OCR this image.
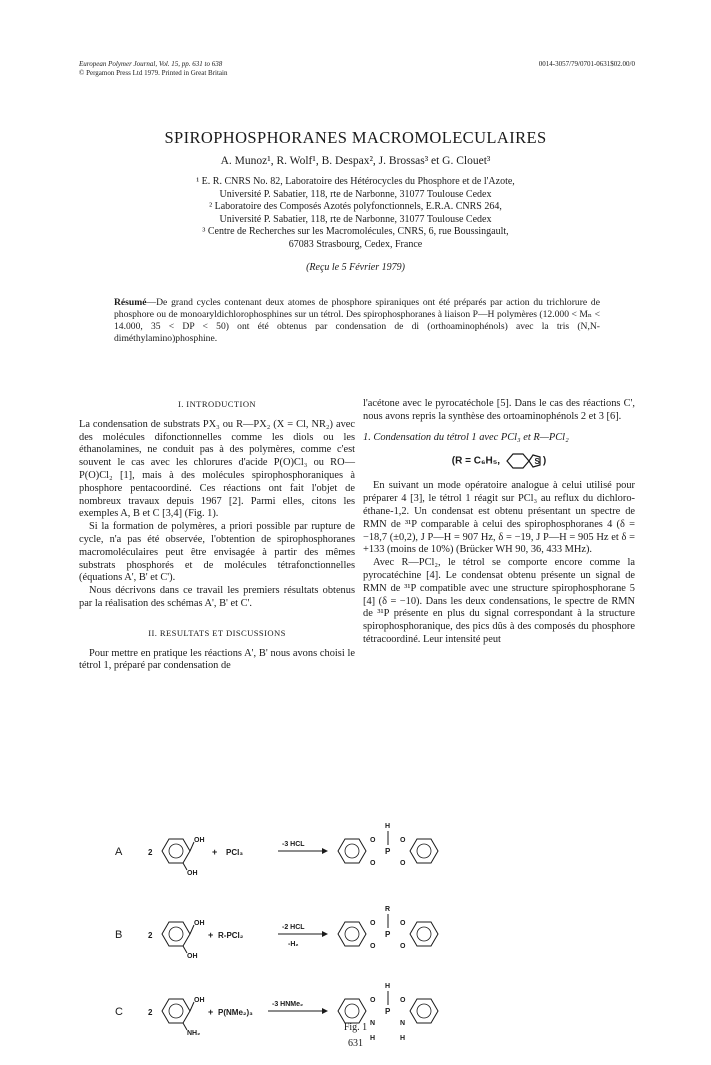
European Polymer Journal, Vol. 15, pp. 631 to 638
© Pergamon Press Ltd 1979. Printed in Great Britain
0014-3057/79/0701-0631$02.00/0
SPIROPHOSPHORANES MACROMOLECULAIRES
A. Munoz¹, R. Wolf¹, B. Despax², J. Brossas³ et G. Clouet³
¹ E. R. CNRS No. 82, Laboratoire des Hétérocycles du Phosphore et de l'Azote,
Université P. Sabatier, 118, rte de Narbonne, 31077 Toulouse Cedex
² Laboratoire des Composés Azotés polyfonctionnels, E.R.A. CNRS 264,
Université P. Sabatier, 118, rte de Narbonne, 31077 Toulouse Cedex
³ Centre de Recherches sur les Macromolécules, CNRS, 6, rue Boussingault,
67083 Strasbourg, Cedex, France
(Reçu le 5 Février 1979)
Résumé—De grand cycles contenant deux atomes de phosphore spiraniques ont été préparés par action du trichlorure de phosphore ou de monoaryldichlorophosphines sur un tétrol. Des spirophosphoranes à liaison P—H polymères (12.000 < Mₙ < 14.000, 35 < DP < 50) ont été obtenus par condensation de di (orthoaminophénols) avec la tris (N,N-diméthylamino)phosphine.
I. INTRODUCTION

La condensation de substrats PX₃ ou R—PX₂ (X = Cl, NR₂) avec des molécules difonctionnelles comme les diols ou les éthanolamines, ne conduit pas à des polymères, comme c'est souvent le cas avec les chlorures d'acide P(O)Cl₃ ou RO—P(O)Cl₂ [1], mais à des molécules spirophosphoraniques à phosphore pentacoordiné. Ces réactions ont fait l'objet de nombreux travaux depuis 1967 [2]. Parmi elles, citons les exemples A, B et C [3,4] (Fig. 1).

Si la formation de polymères, a priori possible par rupture de cycle, n'a pas été observée, l'obtention de spirophosphoranes macromoléculaires peut être envisagée à partir des mêmes substrats phosphorés et de molécules tétrafonctionnelles (équations A', B' et C').

Nous décrivons dans ce travail les premiers résultats obtenus par la réalisation des schémas A', B' et C'.

II. RESULTATS ET DISCUSSIONS

Pour mettre en pratique les réactions A', B' nous avons choisi le tétrol 1, préparé par condensation de

l'acétone avec le pyrocatéchole [5]. Dans le cas des réactions C', nous avons repris la synthèse des ortoaminophénols 2 et 3 [6].

1. Condensation du tétrol 1 avec PCl₃ et R—PCl₂

(R = C₆H₅,	S )

En suivant un mode opératoire analogue à celui utilisé pour préparer 4 [3], le tétrol 1 réagit sur PCl₃ au reflux du dichloro-éthane-1,2. Un condensat est obtenu présentant un spectre de RMN de ³¹P comparable à celui des spirophosphoranes 4 (δ = −18,7 (±0,2), J P—H = 907 Hz, δ = −19, J P—H = 905 Hz et δ = +133 (moins de 10%) (Brücker WH 90, 36, 433 MHz).

Avec R—PCl₂, le tétrol se comporte encore comme la pyrocatéchine [4]. Le condensat obtenu présente un signal de RMN de ³¹P compatible avec une structure spirophosphorane 5 [4] (δ = −10). Dans les deux condensations, le spectre de RMN de ³¹P présente en plus du signal correspondant à la structure spirophosphoranique, des pics dûs à des composés du phosphore tétracoordiné. Leur intensité peut

A	2
OH
OH
+ PCl₃
-3 HCL
O
O
P
H
O
O
B	2
OH
OH
+ R-PCl₂
-2 HCL
-H₂
O
O
P
R
O
O
C	2
OH
NH₂
+ P(NMe₂)₃
-3 HNMe₂
O
N
H
P
H
O
N
H
Fig. 1
631
